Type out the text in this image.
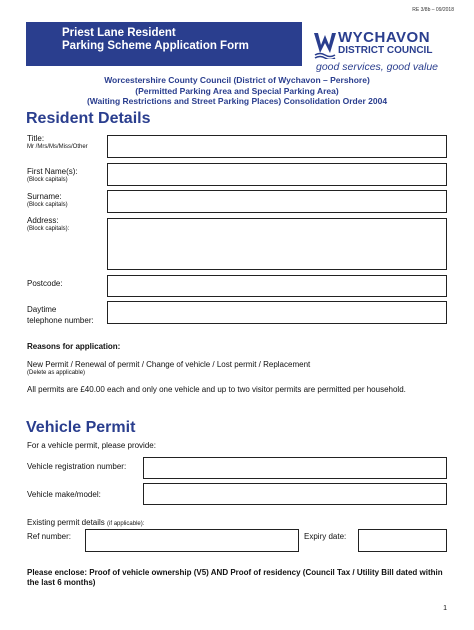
RE 3/8b – 09/2018
Priest Lane Resident
Parking Scheme Application Form	WYCHAVON
DISTRICT COUNCIL
good services, good value
Worcestershire County Council (District of Wychavon – Pershore)
(Permitted Parking Area and Special Parking Area)
(Waiting Restrictions and Street Parking Places) Consolidation Order 2004
Resident Details
Title:
Mr /Mrs/Ms/Miss/Other
First Name(s):
(Block capitals)
Surname:
(Block capitals)
Address:
(Block capitals):
Postcode:
Daytime
telephone number:
Reasons for application:
New Permit / Renewal of permit / Change of vehicle / Lost permit / Replacement
(Delete as applicable)
All permits are £40.00 each and only one vehicle and up to two visitor permits are permitted per household.
Vehicle Permit
For a vehicle permit, please provide:
Vehicle registration number:
Vehicle make/model:
Existing permit details (if applicable):
Ref number:	Expiry date:
Please enclose: Proof of vehicle ownership (V5) AND Proof of residency (Council Tax / Utility Bill dated within the last 6 months)
1
